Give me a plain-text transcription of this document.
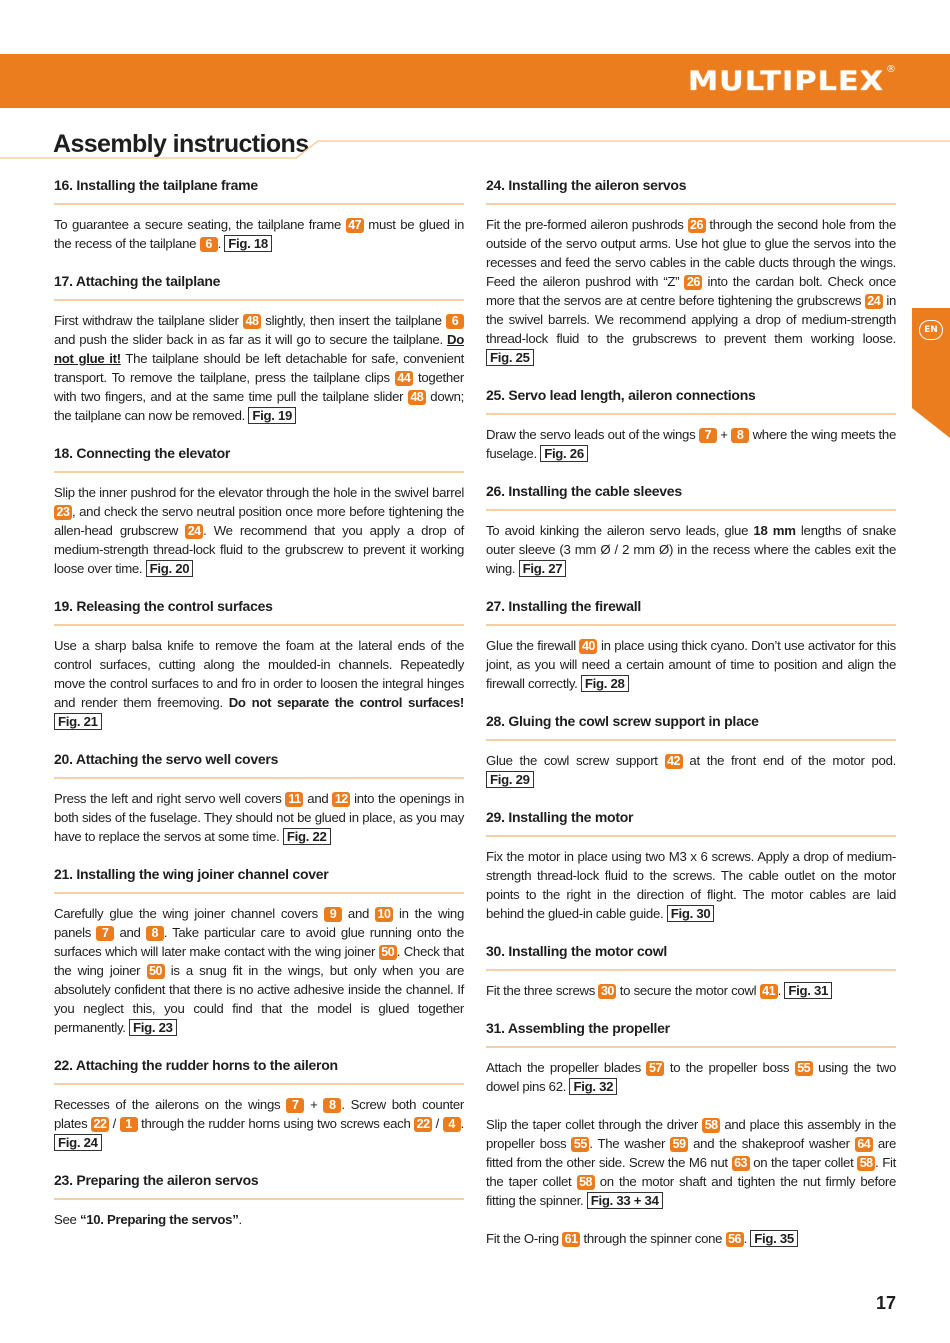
MULTIPLEX ®
Assembly instructions
EN
16. Installing the tailplane frame

To guarantee a secure seating, the tailplane frame 47 must be glued in the recess of the tailplane 6 . Fig. 18

17. Attaching the tailplane

First withdraw the tailplane slider 48 slightly, then insert the tailplane 6 and push the slider back in as far as it will go to secure the tailplane. Do not glue it! The tailplane should be left detachable for safe, convenient transport. To remove the tailplane, press the tailplane clips 44 together with two fingers, and at the same time pull the tailplane slider 48 down; the tailplane can now be removed. Fig. 19

18. Connecting the elevator

Slip the inner pushrod for the elevator through the hole in the swivel barrel 23 , and check the servo neutral position once more before tightening the allen-head grubscrew 24 . We recommend that you apply a drop of medium-strength thread-lock fluid to the grubscrew to prevent it working loose over time. Fig. 20

19. Releasing the control surfaces

Use a sharp balsa knife to remove the foam at the lateral ends of the control surfaces, cutting along the moulded-in channels. Repeatedly move the control surfaces to and fro in order to loosen the integral hinges and render them freemoving. Do not separate the control surfaces! Fig. 21

20. Attaching the servo well covers

Press the left and right servo well covers 11 and 12 into the openings in both sides of the fuselage. They should not be glued in place, as you may have to replace the servos at some time. Fig. 22

21. Installing the wing joiner channel cover

Carefully glue the wing joiner channel covers 9 and 10 in the wing panels 7 and 8 . Take particular care to avoid glue running onto the surfaces which will later make contact with the wing joiner 50 . Check that the wing joiner 50 is a snug fit in the wings, but only when you are absolutely confident that there is no active adhesive inside the channel. If you neglect this, you could find that the model is glued together permanently. Fig. 23

22. Attaching the rudder horns to the aileron

Recesses of the ailerons on the wings 7 + 8 . Screw both counter plates 22 / 1 through the rudder horns using two screws each 22 / 4 . Fig. 24

23. Preparing the aileron servos

See “10. Preparing the servos”.

24. Installing the aileron servos

Fit the pre-formed aileron pushrods 26 through the second hole from the outside of the servo output arms. Use hot glue to glue the servos into the recesses and feed the servo cables in the cable ducts through the wings. Feed the aileron pushrod with “Z” 26 into the cardan bolt. Check once more that the servos are at centre before tightening the grubscrews 24 in the swivel barrels. We recommend applying a drop of medium-strength thread-lock fluid to the grubscrews to prevent them working loose. Fig. 25

25. Servo lead length, aileron connections

Draw the servo leads out of the wings 7 + 8 where the wing meets the fuselage. Fig. 26

26. Installing the cable sleeves

To avoid kinking the aileron servo leads, glue 18 mm lengths of snake outer sleeve (3 mm Ø / 2 mm Ø) in the recess where the cables exit the wing. Fig. 27

27. Installing the firewall

Glue the firewall 40 in place using thick cyano. Don’t use activator for this joint, as you will need a certain amount of time to position and align the firewall correctly. Fig. 28

28. Gluing the cowl screw support in place

Glue the cowl screw support 42 at the front end of the motor pod. Fig. 29

29. Installing the motor

Fix the motor in place using two M3 x 6 screws. Apply a drop of medium-strength thread-lock fluid to the screws. The cable outlet on the motor points to the right in the direction of flight. The motor cables are laid behind the glued-in cable guide. Fig. 30

30. Installing the motor cowl

Fit the three screws 30 to secure the motor cowl 41 . Fig. 31

31. Assembling the propeller

Attach the propeller blades 57 to the propeller boss 55 using the two dowel pins 62. Fig. 32

Slip the taper collet through the driver 58 and place this assembly in the propeller boss 55 . The washer 59 and the shakeproof washer 64 are fitted from the other side. Screw the M6 nut 63 on the taper collet 58 . Fit the taper collet 58 on the motor shaft and tighten the nut firmly before fitting the spinner. Fig. 33 + 34

Fit the O-ring 61 through the spinner cone 56 . Fig. 35

17
